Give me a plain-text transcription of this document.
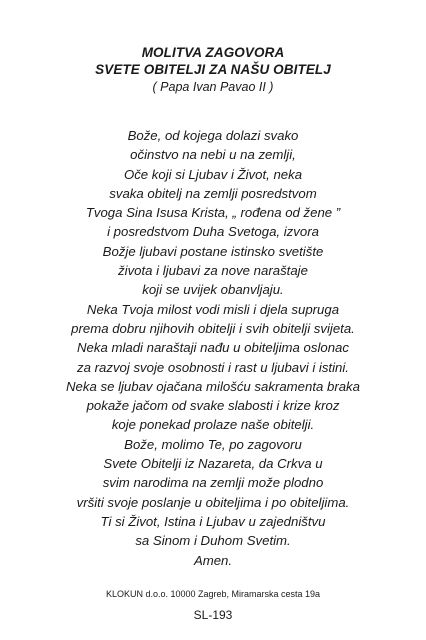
MOLITVA ZAGOVORA
SVETE OBITELJI ZA NAŠU OBITELJ
( Papa Ivan Pavao II )
Bože, od kojega dolazi svako
očinstvo na nebi u na zemlji,
Oče koji si Ljubav i Život, neka
svaka obitelj na zemlji posredstvom
Tvoga Sina Isusa Krista, „ rođena od žene ”
i posredstvom Duha Svetoga, izvora
Božje ljubavi postane istinsko svetište
života i ljubavi za nove naraštaje
koji se uvijek obanvljaju.
Neka Tvoja milost vodi misli i djela supruga
prema dobru njihovih obitelji i svih obitelji svijeta.
Neka mladi naraštaji nađu u obiteljima oslonac
za razvoj svoje osobnosti i rast u ljubavi i istini.
Neka se ljubav ojačana milošću sakramenta braka
pokaže jačom od svake slabosti i krize kroz
koje ponekad prolaze naše obitelji.
Bože, molimo Te, po zagovoru
Svete Obitelji iz Nazareta, da Crkva u
svim narodima na zemlji može plodno
vršiti svoje poslanje u obiteljima i po obiteljima.
Ti si Život, Istina i Ljubav u zajedništvu
sa Sinom i Duhom Svetim.
Amen.
KLOKUN d.o.o. 10000 Zagreb, Miramarska cesta 19a
SL-193
